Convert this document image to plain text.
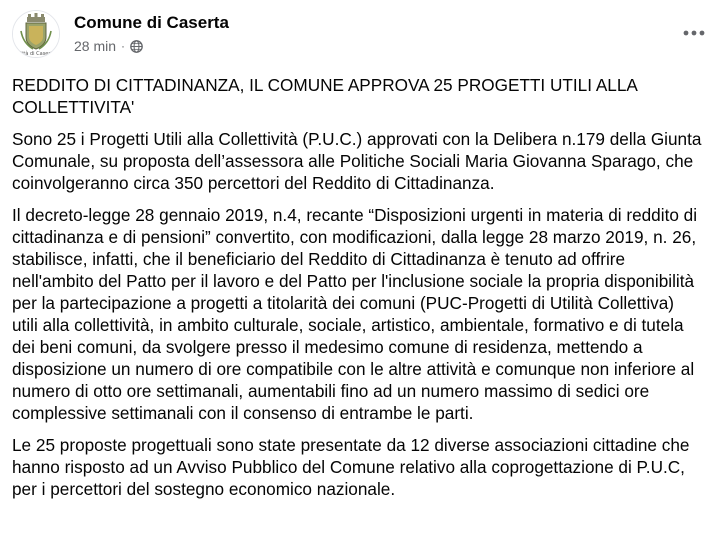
Città di Caserta
Comune di Caserta
28 min ·

REDDITO DI CITTADINANZA, IL COMUNE APPROVA 25 PROGETTI UTILI ALLA COLLETTIVITA'

Sono 25 i Progetti Utili alla Collettività (P.U.C.) approvati con la Delibera n.179 della Giunta Comunale, su proposta dell’assessora alle Politiche Sociali Maria Giovanna Sparago, che coinvolgeranno circa 350 percettori del Reddito di Cittadinanza.

Il decreto-legge 28 gennaio 2019, n.4, recante “Disposizioni urgenti in materia di reddito di cittadinanza e di pensioni” convertito, con modificazioni, dalla legge 28 marzo 2019, n. 26, stabilisce, infatti, che il beneficiario del Reddito di Cittadinanza è tenuto ad offrire nell'ambito del Patto per il lavoro e del Patto per l'inclusione sociale la propria disponibilità per la partecipazione a progetti a titolarità dei comuni (PUC-Progetti di Utilità Collettiva) utili alla collettività, in ambito culturale, sociale, artistico, ambientale, formativo e di tutela dei beni comuni, da svolgere presso il medesimo comune di residenza, mettendo a disposizione un numero di ore compatibile con le altre attività e comunque non inferiore al numero di otto ore settimanali, aumentabili fino ad un numero massimo di sedici ore complessive settimanali con il consenso di entrambe le parti.

Le 25 proposte progettuali sono state presentate da 12 diverse associazioni cittadine che hanno risposto ad un Avviso Pubblico del Comune relativo alla coprogettazione di P.U.C, per i percettori del sostegno economico nazionale.
